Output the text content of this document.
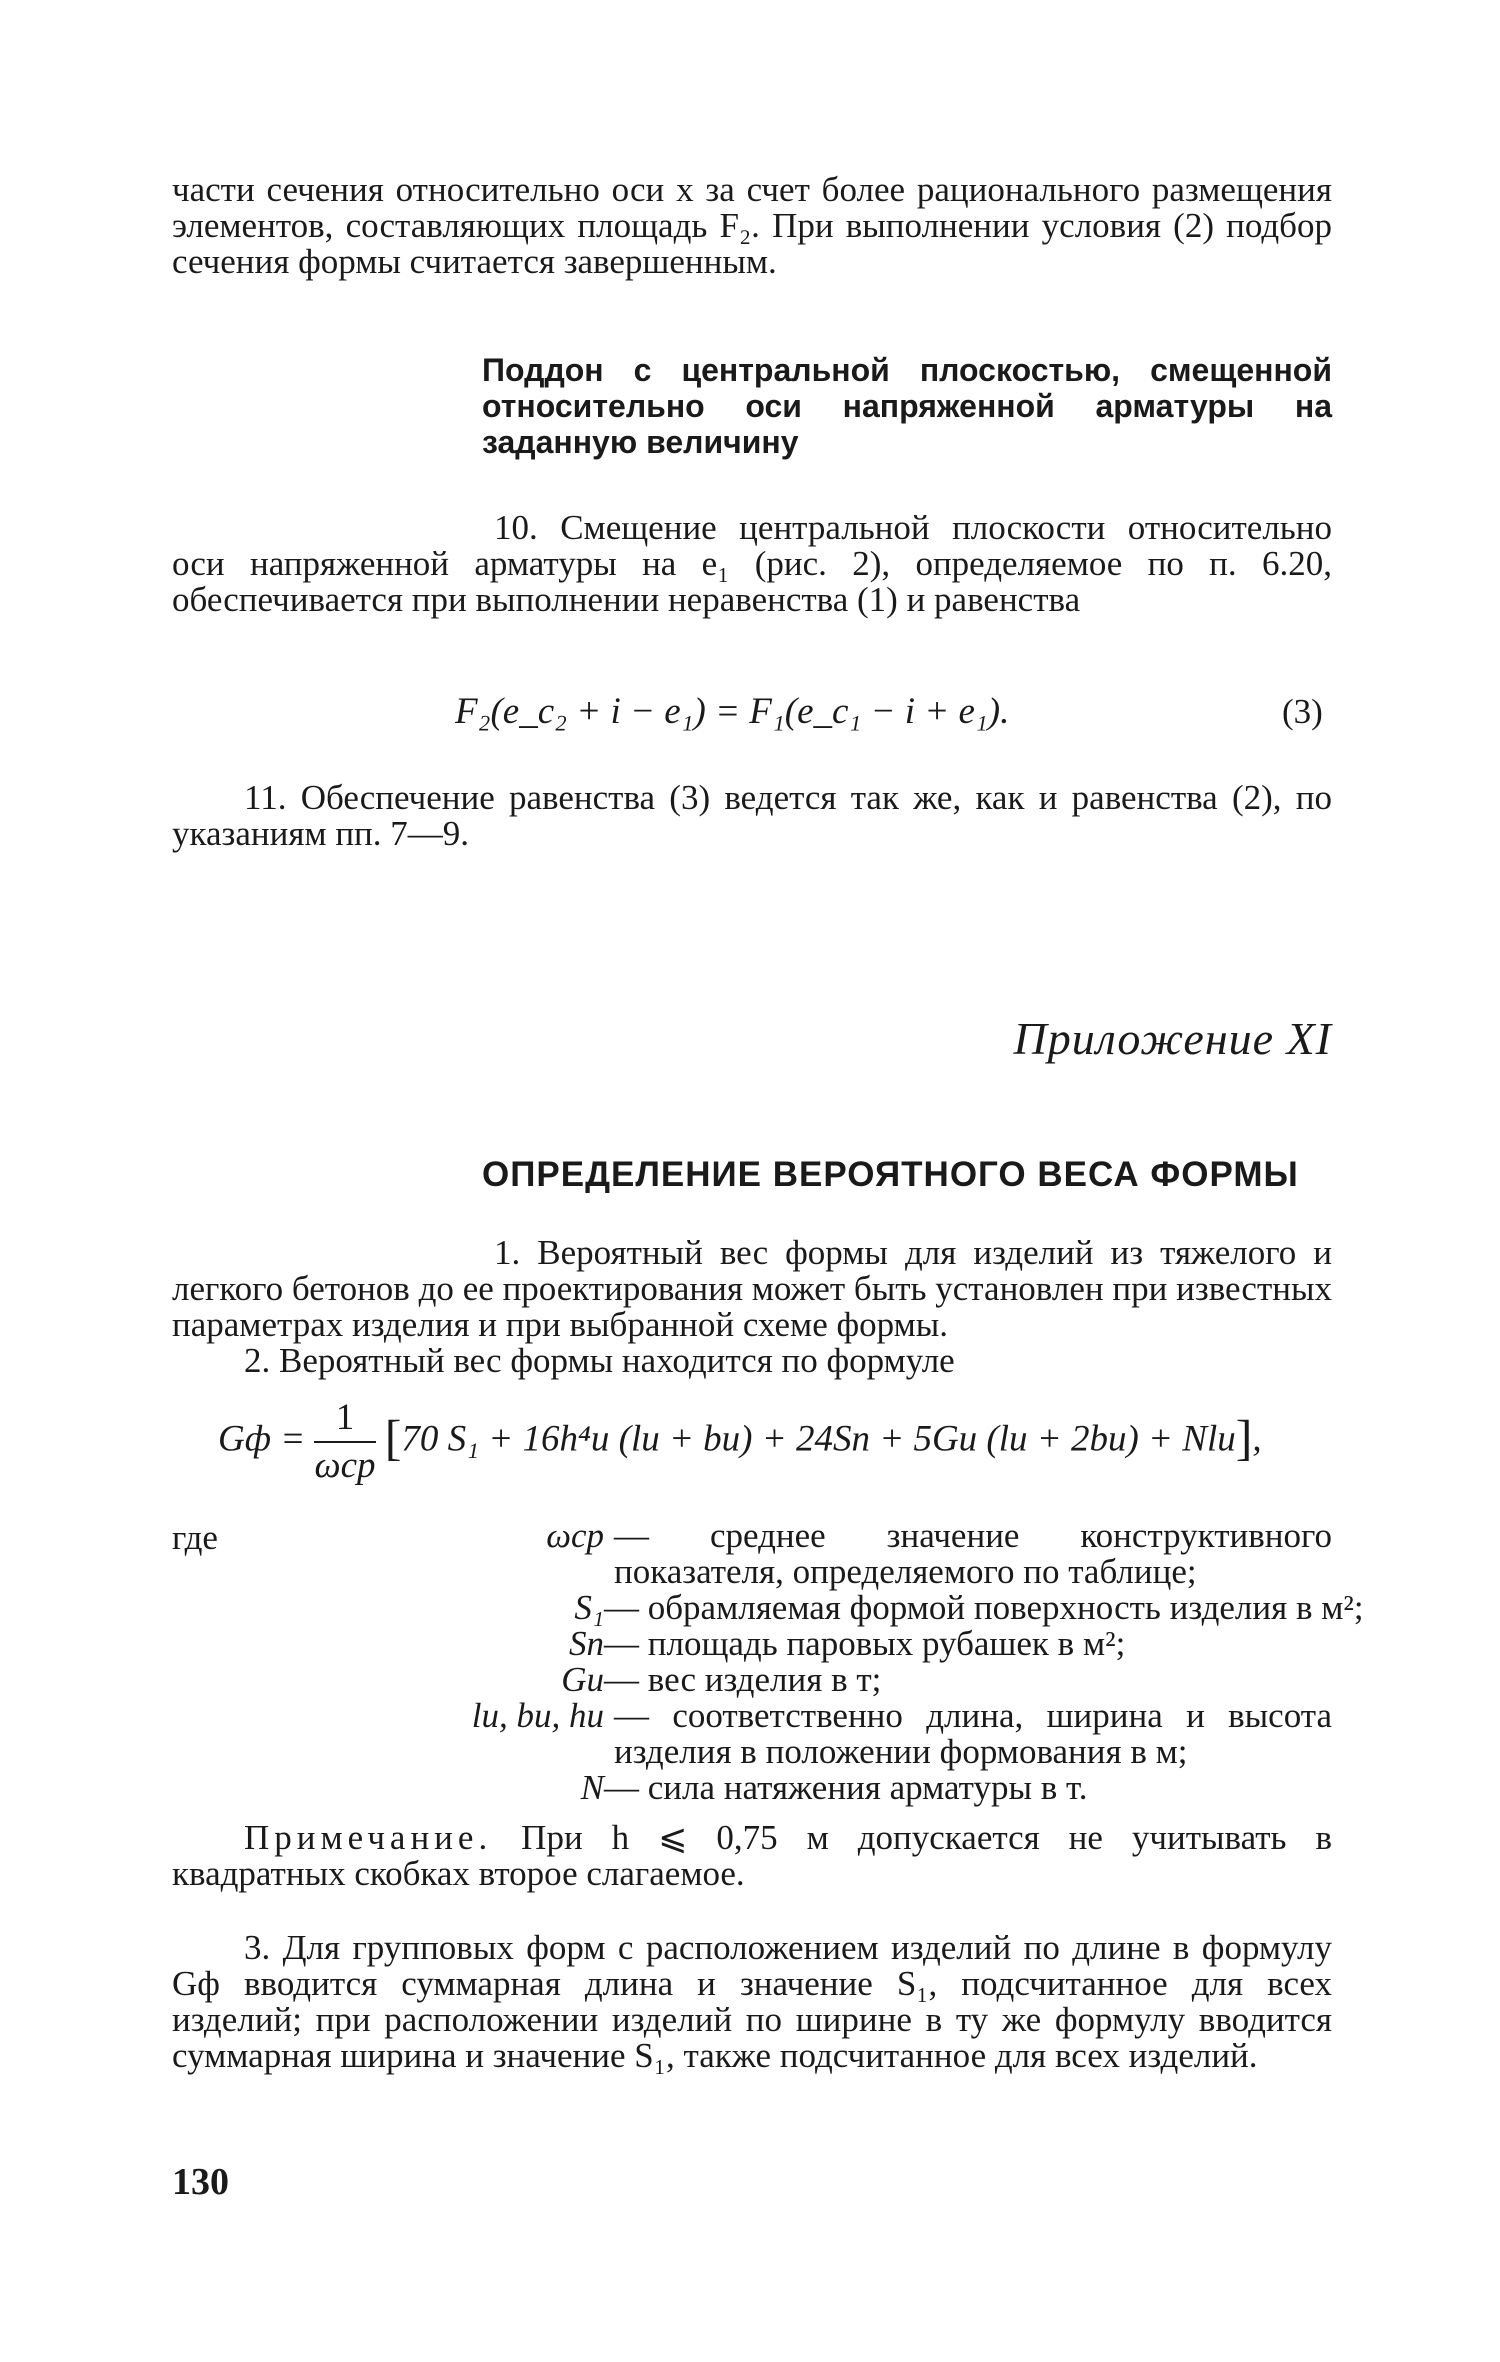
части сечения относительно оси x за счет более рационального размещения элементов, составляющих площадь F₂. При выполнении условия (2) подбор сечения формы считается завершенным.

Поддон с центральной плоскостью, смещенной относительно оси напряженной арматуры на заданную величину

10. Смещение центральной плоскости относительно оси напряженной арматуры на e₁ (рис. 2), определяемое по п. 6.20, обеспечивается при выполнении неравенства (1) и равенства

F₂(e_c₂ + i − e₁) = F₁(e_c₁ − i + e₁).	(3)

11. Обеспечение равенства (3) ведется так же, как и равенства (2), по указаниям пп. 7—9.

Приложение XI
ОПРЕДЕЛЕНИЕ ВЕРОЯТНОГО ВЕСА ФОРМЫ

1. Вероятный вес формы для изделий из тяжелого и легкого бетонов до ее проектирования может быть установлен при известных параметрах изделия и при выбранной схеме формы.

2. Вероятный вес формы находится по формуле

Gф = $\frac{1}{\text{ωср}} [70$ S₁ + 16h⁴и (lи + bи) + 24Sп + 5Gи (lи + 2bи) + Nlи],
где	ωср — среднее значение конструктивного показателя, определяемого по таблице;
S₁ — обрамляемая формой поверхность изделия в м²;
Sп — площадь паровых рубашек в м²;
Gи — вес изделия в т;
lи, bи, hи — соответственно длина, ширина и высота изделия в положении формования в м;
N — сила натяжения арматуры в т.

Примечание. При h ⩽ 0,75 м допускается не учитывать в квадратных скобках второе слагаемое.

3. Для групповых форм с расположением изделий по длине в формулу Gф вводится суммарная длина и значение S₁, подсчитанное для всех изделий; при расположении изделий по ширине в ту же формулу вводится суммарная ширина и значение S₁, также подсчитанное для всех изделий.

130
